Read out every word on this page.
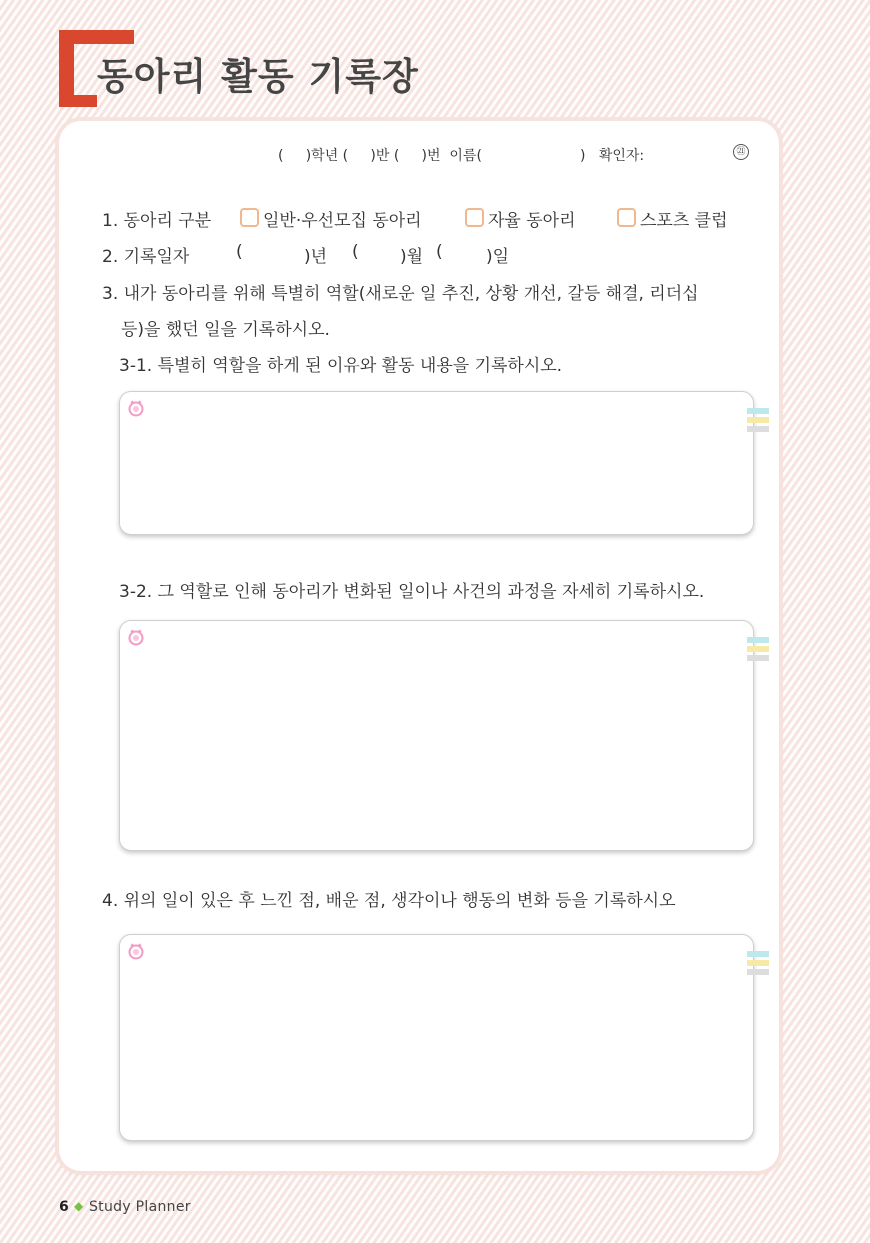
동아리 활동 기록장
(     )학년 (     )반 (     )번  이름(	)   확인자:	㉑
1. 동아리 구분	일반·우선모집 동아리	자율 동아리	스포츠 클럽
2. 기록일자	(	)년 ( )월 (	)일
3. 내가 동아리를 위해 특별히 역할(새로운 일 추진, 상황 개선, 갈등 해결, 리더십
등)을 했던 일을 기록하시오.
3-1. 특별히 역할을 하게 된 이유와 활동 내용을 기록하시오.
3-2. 그 역할로 인해 동아리가 변화된 일이나 사건의 과정을 자세히 기록하시오.
4. 위의 일이 있은 후 느낀 점, 배운 점, 생각이나 행동의 변화 등을 기록하시오
6 ◆ Study Planner
